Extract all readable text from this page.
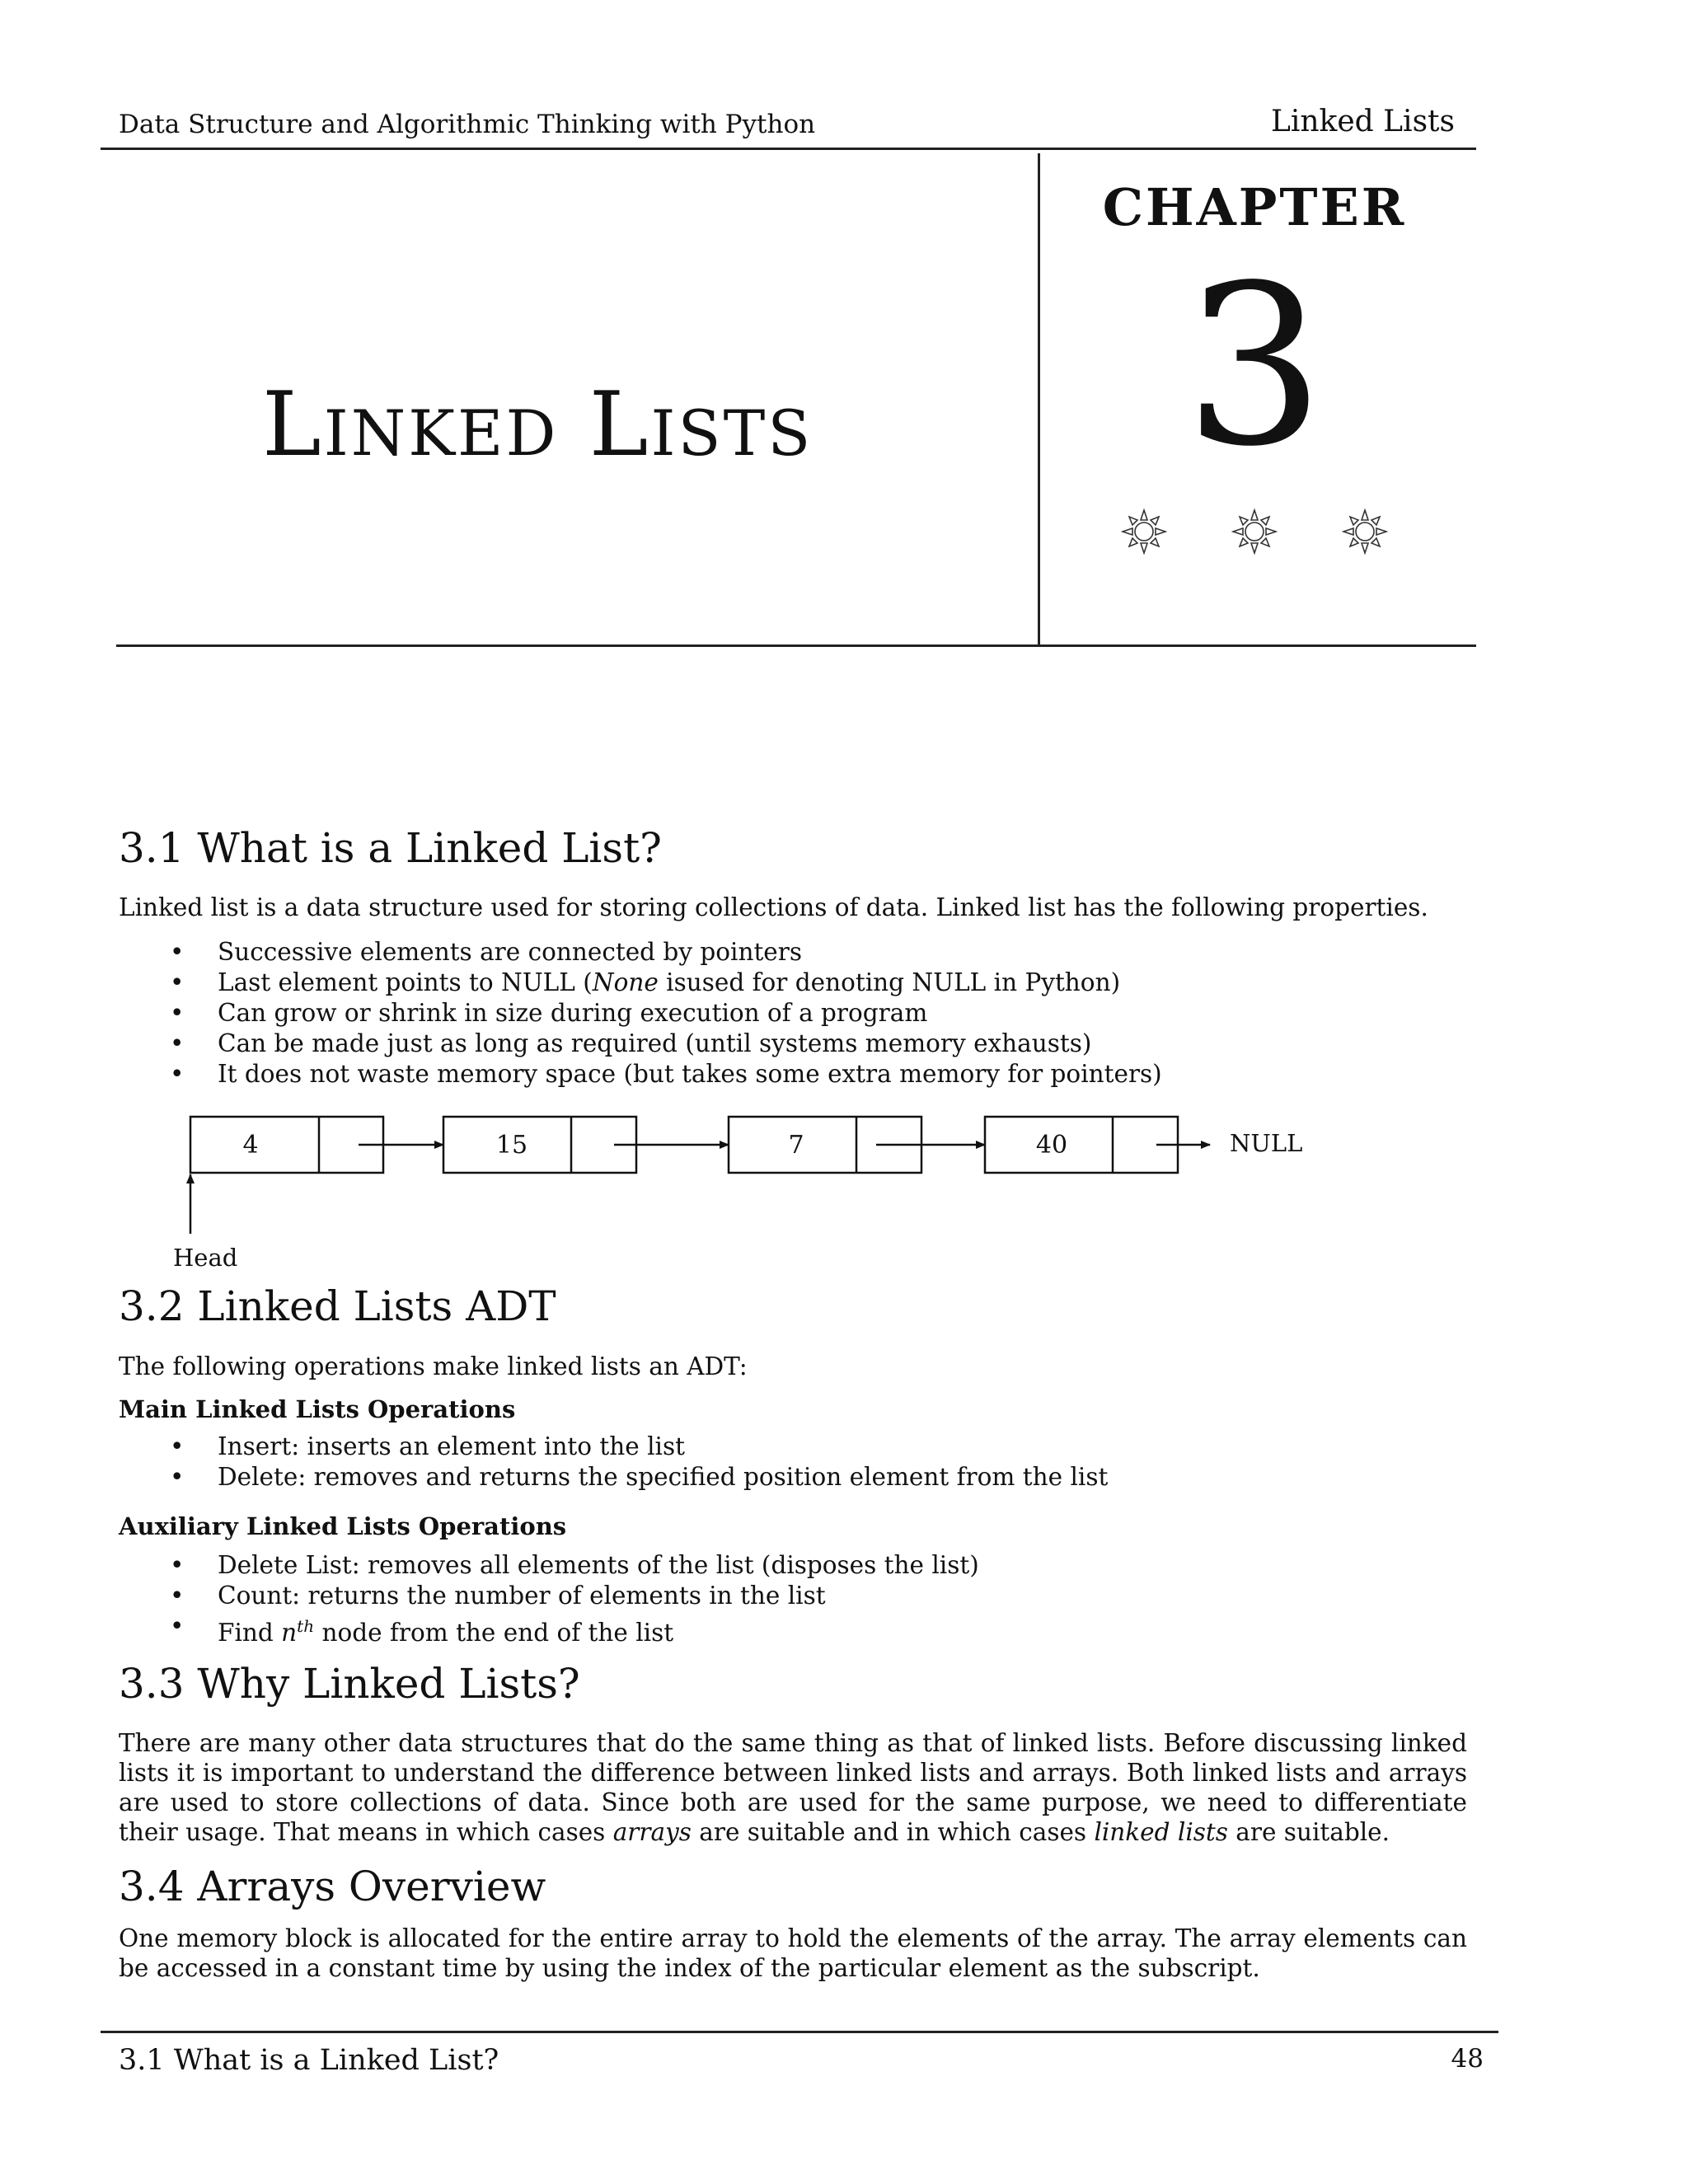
Data Structure and Algorithmic Thinking with Python	Linked Lists
Linked Lists
CHAPTER
3
3.1 What is a Linked List?

Linked list is a data structure used for storing collections of data. Linked list has the following properties.

• Successive elements are connected by pointers
• Last element points to NULL (None isused for denoting NULL in Python)
• Can grow or shrink in size during execution of a program
• Can be made just as long as required (until systems memory exhausts)
• It does not waste memory space (but takes some extra memory for pointers)
4	15	7	40	NULL
Head
3.2 Linked Lists ADT

The following operations make linked lists an ADT:

Main Linked Lists Operations
• Insert: inserts an element into the list
• Delete: removes and returns the specified position element from the list
Auxiliary Linked Lists Operations
• Delete List: removes all elements of the list (disposes the list)
• Count: returns the number of elements in the list
• Find $n^{th}$ node from the end of the list
3.3 Why Linked Lists?

There are many other data structures that do the same thing as that of linked lists. Before discussing linked lists it is important to understand the difference between linked lists and arrays. Both linked lists and arrays are used to store collections of data. Since both are used for the same purpose, we need to differentiate their usage. That means in which cases arrays are suitable and in which cases linked lists are suitable.

3.4 Arrays Overview

One memory block is allocated for the entire array to hold the elements of the array. The array elements can be accessed in a constant time by using the index of the particular element as the subscript.

3.1 What is a Linked List?	48
